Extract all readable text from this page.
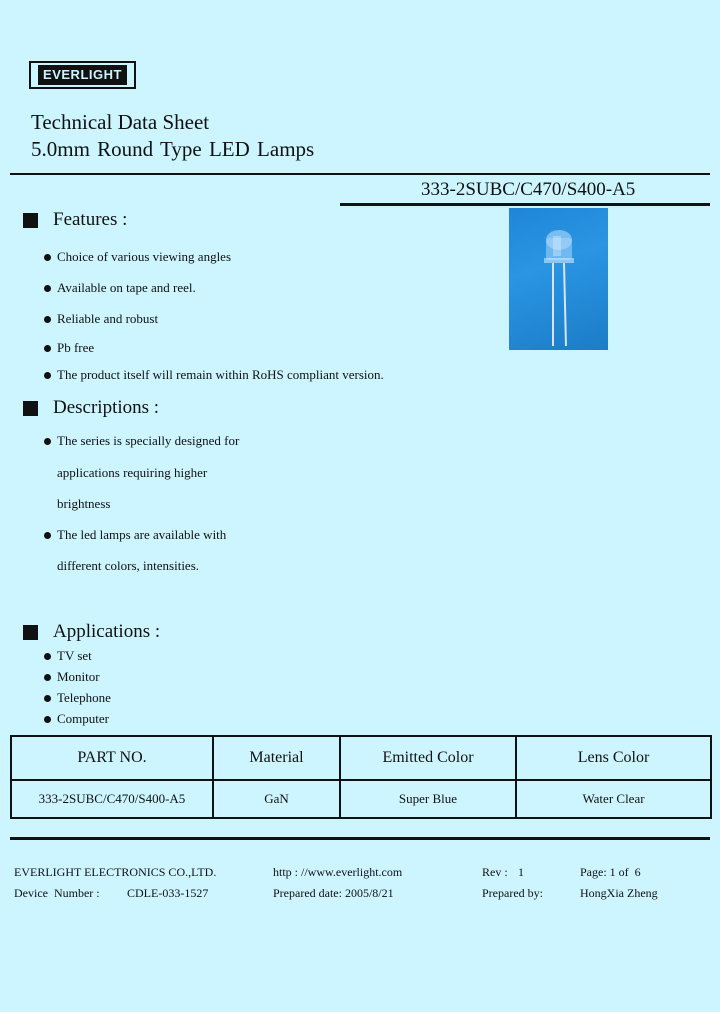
EVERLIGHT
Technical Data Sheet
5.0mm Round Type LED Lamps
333-2SUBC/C470/S400-A5
Features :
Choice of various viewing angles
Available on tape and reel.
Reliable and robust
Pb free
The product itself will remain within RoHS compliant version.
Descriptions :
The series is specially designed for
applications requiring higher
brightness
The led lamps are available with
different colors, intensities.
Applications :
TV set
Monitor
Telephone
Computer
PART NO.	Material	Emitted Color	Lens Color
333-2SUBC/C470/S400-A5	GaN	Super Blue	Water Clear
EVERLIGHT ELECTRONICS CO.,LTD.	http : //www.everlight.com	Rev : 1	Page: 1 of  6
Device  Number : CDLE-033-1527	Prepared date: 2005/8/21	Prepared by:	HongXia Zheng
